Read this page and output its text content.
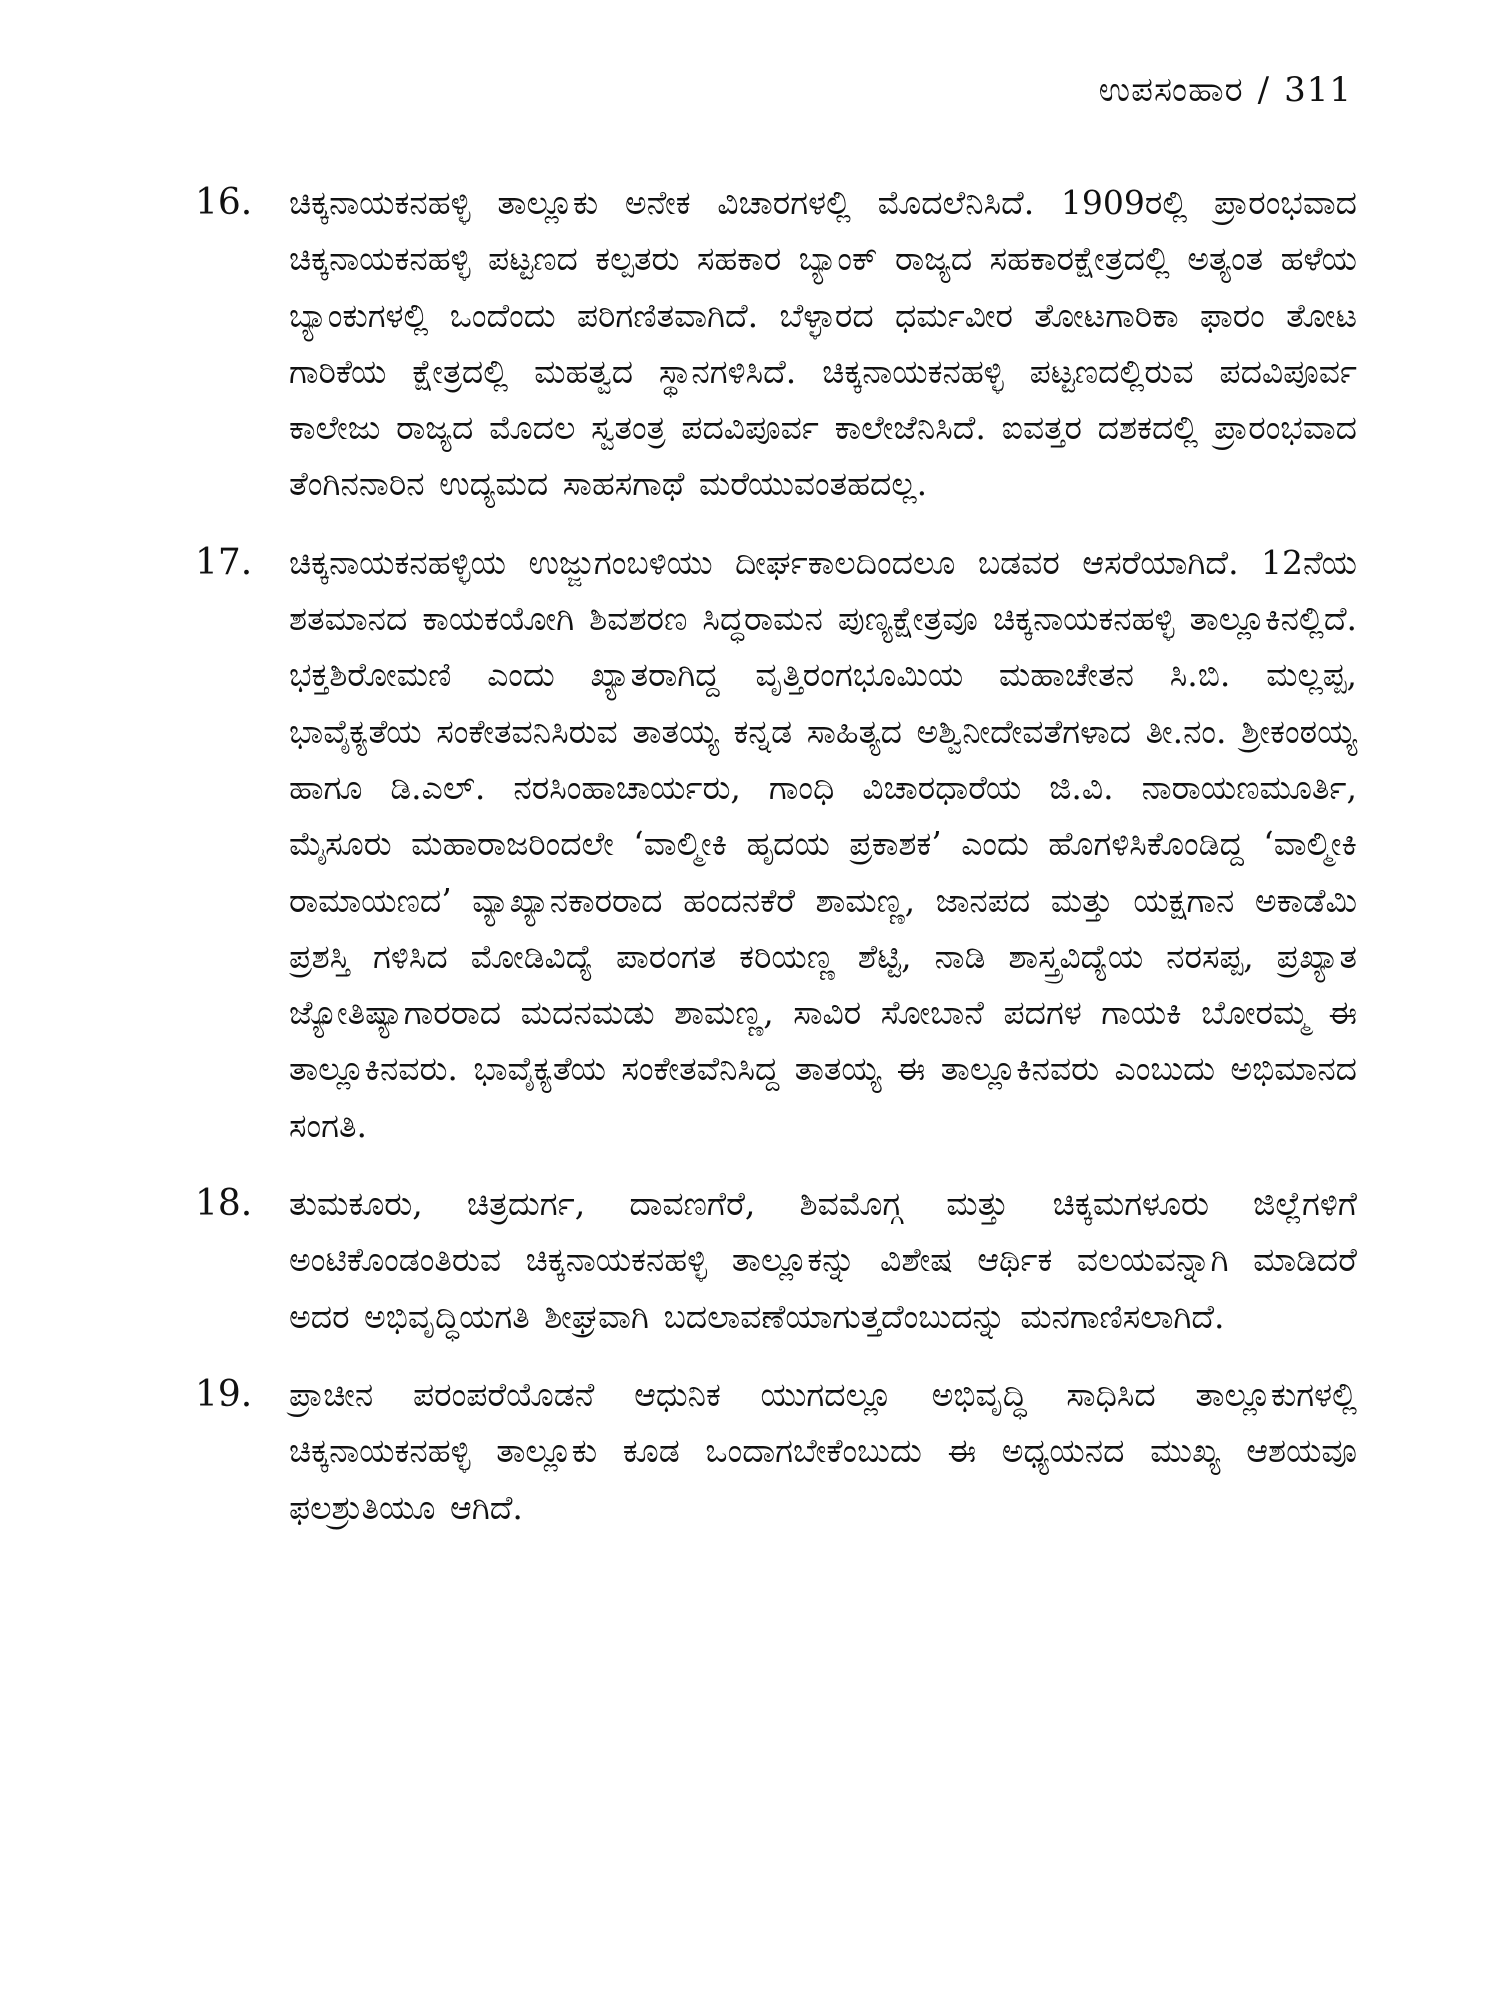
ಉಪಸಂಹಾರ / 311
16. ಚಿಕ್ಕನಾಯಕನಹಳ್ಳಿ ತಾಲ್ಲೂಕು ಅನೇಕ ವಿಚಾರಗಳಲ್ಲಿ ಮೊದಲೆನಿಸಿದೆ. 1909ರಲ್ಲಿ ಪ್ರಾರಂಭವಾದ ಚಿಕ್ಕನಾಯಕನಹಳ್ಳಿ ಪಟ್ಟಣದ ಕಲ್ಪತರು ಸಹಕಾರ ಬ್ಯಾಂಕ್ ರಾಜ್ಯದ ಸಹಕಾರಕ್ಷೇತ್ರದಲ್ಲಿ ಅತ್ಯಂತ ಹಳೆಯ ಬ್ಯಾಂಕುಗಳಲ್ಲಿ ಒಂದೆಂದು ಪರಿಗಣಿತವಾಗಿದೆ. ಬೆಳ್ಳಾರದ ಧರ್ಮವೀರ ತೋಟಗಾರಿಕಾ ಫಾರಂ ತೋಟ ಗಾರಿಕೆಯ ಕ್ಷೇತ್ರದಲ್ಲಿ ಮಹತ್ವದ ಸ್ಥಾನಗಳಿಸಿದೆ. ಚಿಕ್ಕನಾಯಕನಹಳ್ಳಿ ಪಟ್ಟಣದಲ್ಲಿರುವ ಪದವಿಪೂರ್ವ ಕಾಲೇಜು ರಾಜ್ಯದ ಮೊದಲ ಸ್ವತಂತ್ರ ಪದವಿಪೂರ್ವ ಕಾಲೇಜೆನಿಸಿದೆ. ಐವತ್ತರ ದಶಕದಲ್ಲಿ ಪ್ರಾರಂಭವಾದ ತೆಂಗಿನನಾರಿನ ಉದ್ಯಮದ ಸಾಹಸಗಾಥೆ ಮರೆಯುವಂತಹದಲ್ಲ.
17. ಚಿಕ್ಕನಾಯಕನಹಳ್ಳಿಯ ಉಜ್ಜುಗಂಬಳಿಯು ದೀರ್ಘಕಾಲದಿಂದಲೂ ಬಡವರ ಆಸರೆಯಾಗಿದೆ. 12ನೆಯ ಶತಮಾನದ ಕಾಯಕಯೋಗಿ ಶಿವಶರಣ ಸಿದ್ಧರಾಮನ ಪುಣ್ಯಕ್ಷೇತ್ರವೂ ಚಿಕ್ಕನಾಯಕನಹಳ್ಳಿ ತಾಲ್ಲೂಕಿನಲ್ಲಿದೆ. ಭಕ್ತಶಿರೋಮಣಿ ಎಂದು ಖ್ಯಾತರಾಗಿದ್ದ ವೃತ್ತಿರಂಗಭೂಮಿಯ ಮಹಾಚೇತನ ಸಿ.ಬಿ. ಮಲ್ಲಪ್ಪ, ಭಾವೈಕ್ಯತೆಯ ಸಂಕೇತವನಿಸಿರುವ ತಾತಯ್ಯ ಕನ್ನಡ ಸಾಹಿತ್ಯದ ಅಶ್ವಿನೀದೇವತೆಗಳಾದ ತೀ.ನಂ. ಶ್ರೀಕಂಠಯ್ಯ ಹಾಗೂ ಡಿ.ಎಲ್. ನರಸಿಂಹಾಚಾರ್ಯರು, ಗಾಂಧಿ ವಿಚಾರಧಾರೆಯ ಜಿ.ವಿ. ನಾರಾಯಣಮೂರ್ತಿ, ಮೈಸೂರು ಮಹಾರಾಜರಿಂದಲೇ ‘ವಾಲ್ಮೀಕಿ ಹೃದಯ ಪ್ರಕಾಶಕ’ ಎಂದು ಹೊಗಳಿಸಿಕೊಂಡಿದ್ದ ‘ವಾಲ್ಮೀಕಿ ರಾಮಾಯಣದ’ ವ್ಯಾಖ್ಯಾನಕಾರರಾದ ಹಂದನಕೆರೆ ಶಾಮಣ್ಣ, ಜಾನಪದ ಮತ್ತು ಯಕ್ಷಗಾನ ಅಕಾಡೆಮಿ ಪ್ರಶಸ್ತಿ ಗಳಿಸಿದ ಮೋಡಿವಿದ್ಯೆ ಪಾರಂಗತ ಕರಿಯಣ್ಣ ಶೆಟ್ಟಿ, ನಾಡಿ ಶಾಸ್ತ್ರವಿದ್ಯೆಯ ನರಸಪ್ಪ, ಪ್ರಖ್ಯಾತ ಜ್ಯೋತಿಷ್ಯಾಗಾರರಾದ ಮದನಮಡು ಶಾಮಣ್ಣ, ಸಾವಿರ ಸೋಬಾನೆ ಪದಗಳ ಗಾಯಕಿ ಬೋರಮ್ಮ ಈ ತಾಲ್ಲೂಕಿನವರು. ಭಾವೈಕ್ಯತೆಯ ಸಂಕೇತವೆನಿಸಿದ್ದ ತಾತಯ್ಯ ಈ ತಾಲ್ಲೂಕಿನವರು ಎಂಬುದು ಅಭಿಮಾನದ ಸಂಗತಿ.
18. ತುಮಕೂರು, ಚಿತ್ರದುರ್ಗ, ದಾವಣಗೆರೆ, ಶಿವಮೊಗ್ಗ ಮತ್ತು ಚಿಕ್ಕಮಗಳೂರು ಜಿಲ್ಲೆಗಳಿಗೆ ಅಂಟಿಕೊಂಡಂತಿರುವ ಚಿಕ್ಕನಾಯಕನಹಳ್ಳಿ ತಾಲ್ಲೂಕನ್ನು ವಿಶೇಷ ಆರ್ಥಿಕ ವಲಯವನ್ನಾಗಿ ಮಾಡಿದರೆ ಅದರ ಅಭಿವೃದ್ಧಿಯಗತಿ ಶೀಘ್ರವಾಗಿ ಬದಲಾವಣೆಯಾಗುತ್ತದೆಂಬುದನ್ನು ಮನಗಾಣಿಸಲಾಗಿದೆ.
19. ಪ್ರಾಚೀನ ಪರಂಪರೆಯೊಡನೆ ಆಧುನಿಕ ಯುಗದಲ್ಲೂ ಅಭಿವೃದ್ಧಿ ಸಾಧಿಸಿದ ತಾಲ್ಲೂಕುಗಳಲ್ಲಿ ಚಿಕ್ಕನಾಯಕನಹಳ್ಳಿ ತಾಲ್ಲೂಕು ಕೂಡ ಒಂದಾಗಬೇಕೆಂಬುದು ಈ ಅಧ್ಯಯನದ ಮುಖ್ಯ ಆಶಯವೂ ಫಲಶ್ರುತಿಯೂ ಆಗಿದೆ.
